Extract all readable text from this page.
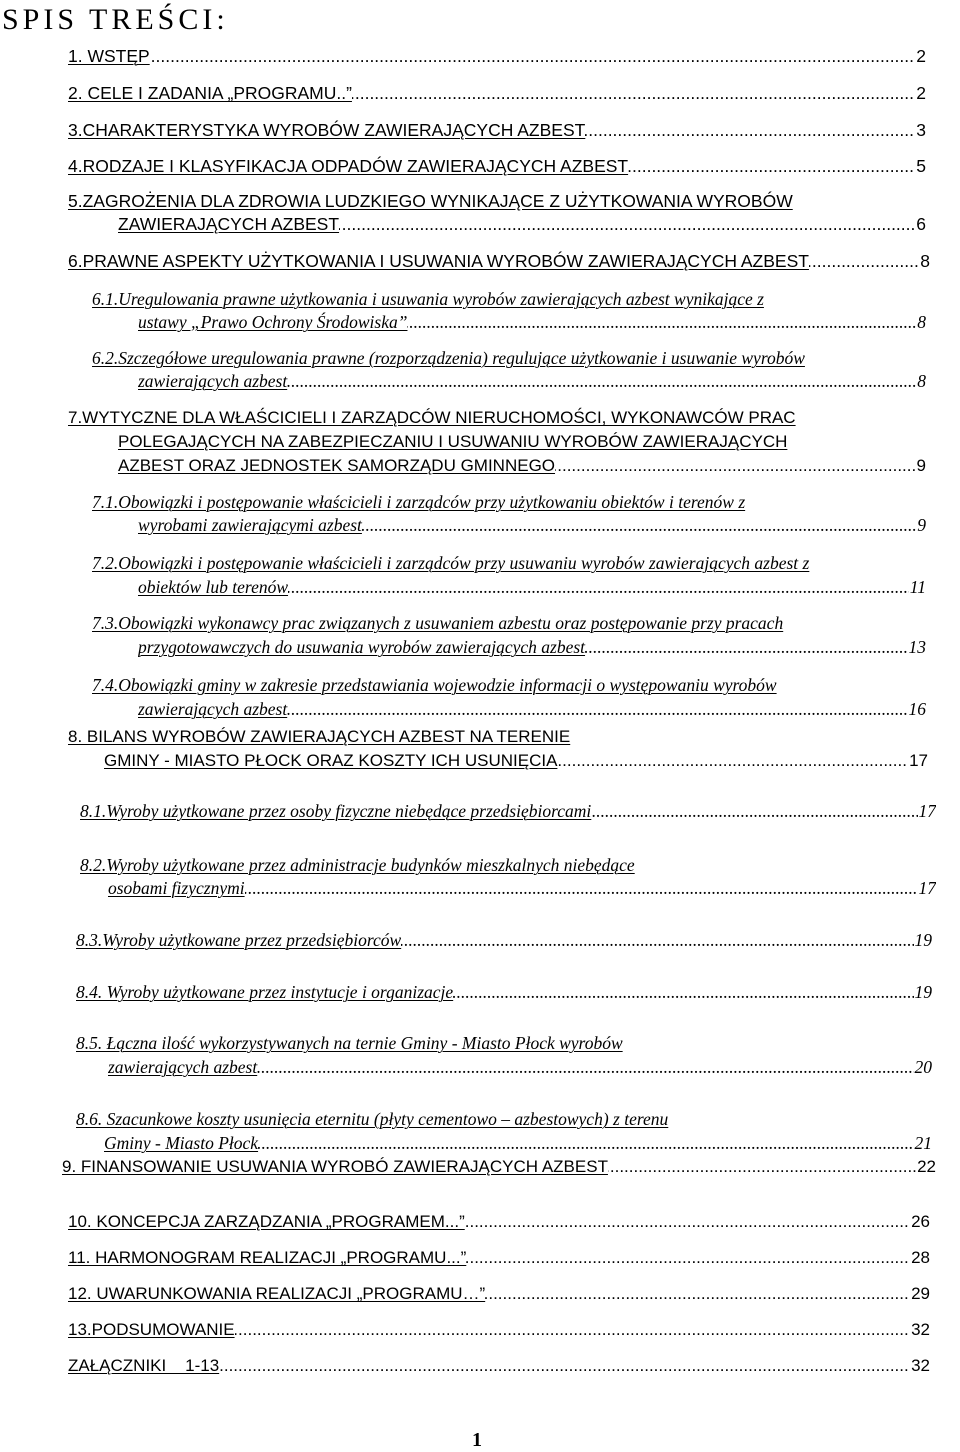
SPIS TREŚCI:
.....
1. WSTĘP	2
.....
2. CELE I ZADANIA „PROGRAMU..”	2
.....
3.CHARAKTERYSTYKA WYROBÓW ZAWIERAJĄCYCH AZBEST	3
.....
4.RODZAJE I KLASYFIKACJA ODPADÓW ZAWIERAJĄCYCH AZBEST	5
5.ZAGROŻENIA DLA ZDROWIA LUDZKIEGO WYNIKAJĄCE Z UŻYTKOWANIA WYROBÓW
.....
ZAWIERAJĄCYCH AZBEST	6
.....
6.PRAWNE ASPEKTY UŻYTKOWANIA I USUWANIA WYROBÓW ZAWIERAJĄCYCH AZBEST	8
6.1.Uregulowania prawne użytkowania i usuwania wyrobów zawierających azbest wynikające z
.....
ustawy „Prawo Ochrony Środowiska”	8
6.2.Szczegółowe uregulowania prawne (rozporządzenia) regulujące użytkowanie i usuwanie wyrobów
.....
zawierających azbest	8
7.WYTYCZNE DLA WŁAŚCICIELI I ZARZĄDCÓW NIERUCHOMOŚCI, WYKONAWCÓW PRAC
POLEGAJĄCYCH NA ZABEZPIECZANIU I USUWANIU WYROBÓW ZAWIERAJĄCYCH
.....
AZBEST ORAZ JEDNOSTEK SAMORZĄDU GMINNEGO	9
7.1.Obowiązki i postępowanie właścicieli i zarządców przy użytkowaniu obiektów i terenów z
.....
wyrobami zawierającymi azbest	9
7.2.Obowiązki i postępowanie właścicieli i zarządców przy usuwaniu wyrobów zawierających azbest z
.....
obiektów lub terenów	11
7.3.Obowiązki wykonawcy prac związanych z usuwaniem azbestu oraz postępowanie przy pracach
.....
przygotowawczych do usuwania wyrobów zawierających azbest	13
7.4.Obowiązki gminy w zakresie przedstawiania wojewodzie informacji o występowaniu wyrobów
.....
zawierających azbest	16
8. BILANS WYROBÓW ZAWIERAJĄCYCH AZBEST NA TERENIE
.....
GMINY - MIASTO PŁOCK ORAZ KOSZTY ICH USUNIĘCIA	17
.....
8.1.Wyroby użytkowane przez osoby fizyczne niebędące przedsiębiorcami	17
8.2.Wyroby użytkowane przez administracje budynków mieszkalnych niebędące
.....
osobami fizycznymi	17
.....
8.3.Wyroby użytkowane przez przedsiębiorców	19
.....
8.4. Wyroby użytkowane przez instytucje i organizacje	19
8.5. Łączna ilość wykorzystywanych na ternie Gminy - Miasto Płock wyrobów
.....
zawierających azbest	20
8.6. Szacunkowe koszty usunięcia eternitu (płyty cementowo – azbestowych) z terenu
.....
Gminy - Miasto Płock	21
.....
9. FINANSOWANIE USUWANIA WYROBÓ ZAWIERAJĄCYCH AZBEST	22
.....
10. KONCEPCJA ZARZĄDZANIA „PROGRAMEM...”	26
.....
11. HARMONOGRAM REALIZACJI „PROGRAMU...”	28
.....
12. UWARUNKOWANIA REALIZACJI „PROGRAMU…”	29
.....
13.PODSUMOWANIE	32
.....
ZAŁĄCZNIKI    1-13	32
1
